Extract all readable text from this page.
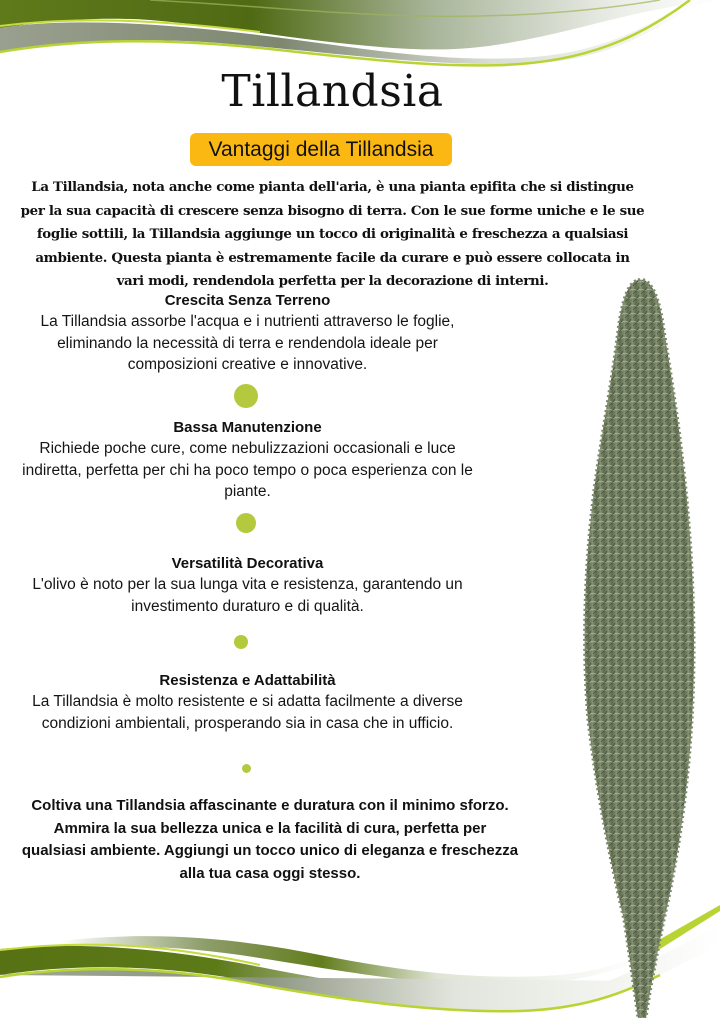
Tillandsia
Vantaggi della Tillandsia
La Tillandsia, nota anche come pianta dell'aria, è una pianta epifita che si distingue per la sua capacità di crescere senza bisogno di terra. Con le sue forme uniche e le sue foglie sottili, la Tillandsia aggiunge un tocco di originalità e freschezza a qualsiasi ambiente. Questa pianta è estremamente facile da curare e può essere collocata in vari modi, rendendola perfetta per la decorazione di interni.
Crescita Senza Terreno
La Tillandsia assorbe l'acqua e i nutrienti attraverso le foglie, eliminando la necessità di terra e rendendola ideale per composizioni creative e innovative.
Bassa Manutenzione
Richiede poche cure, come nebulizzazioni occasionali e luce indiretta, perfetta per chi ha poco tempo o poca esperienza con le piante.
Versatilità Decorativa
L'olivo è noto per la sua lunga vita e resistenza, garantendo un investimento duraturo e di qualità.
Resistenza e Adattabilità
La Tillandsia è molto resistente e si adatta facilmente a diverse condizioni ambientali, prosperando sia in casa che in ufficio.
Coltiva una Tillandsia affascinante e duratura con il minimo sforzo. Ammira la sua bellezza unica e la facilità di cura, perfetta per qualsiasi ambiente. Aggiungi un tocco unico di eleganza e freschezza alla tua casa oggi stesso.
